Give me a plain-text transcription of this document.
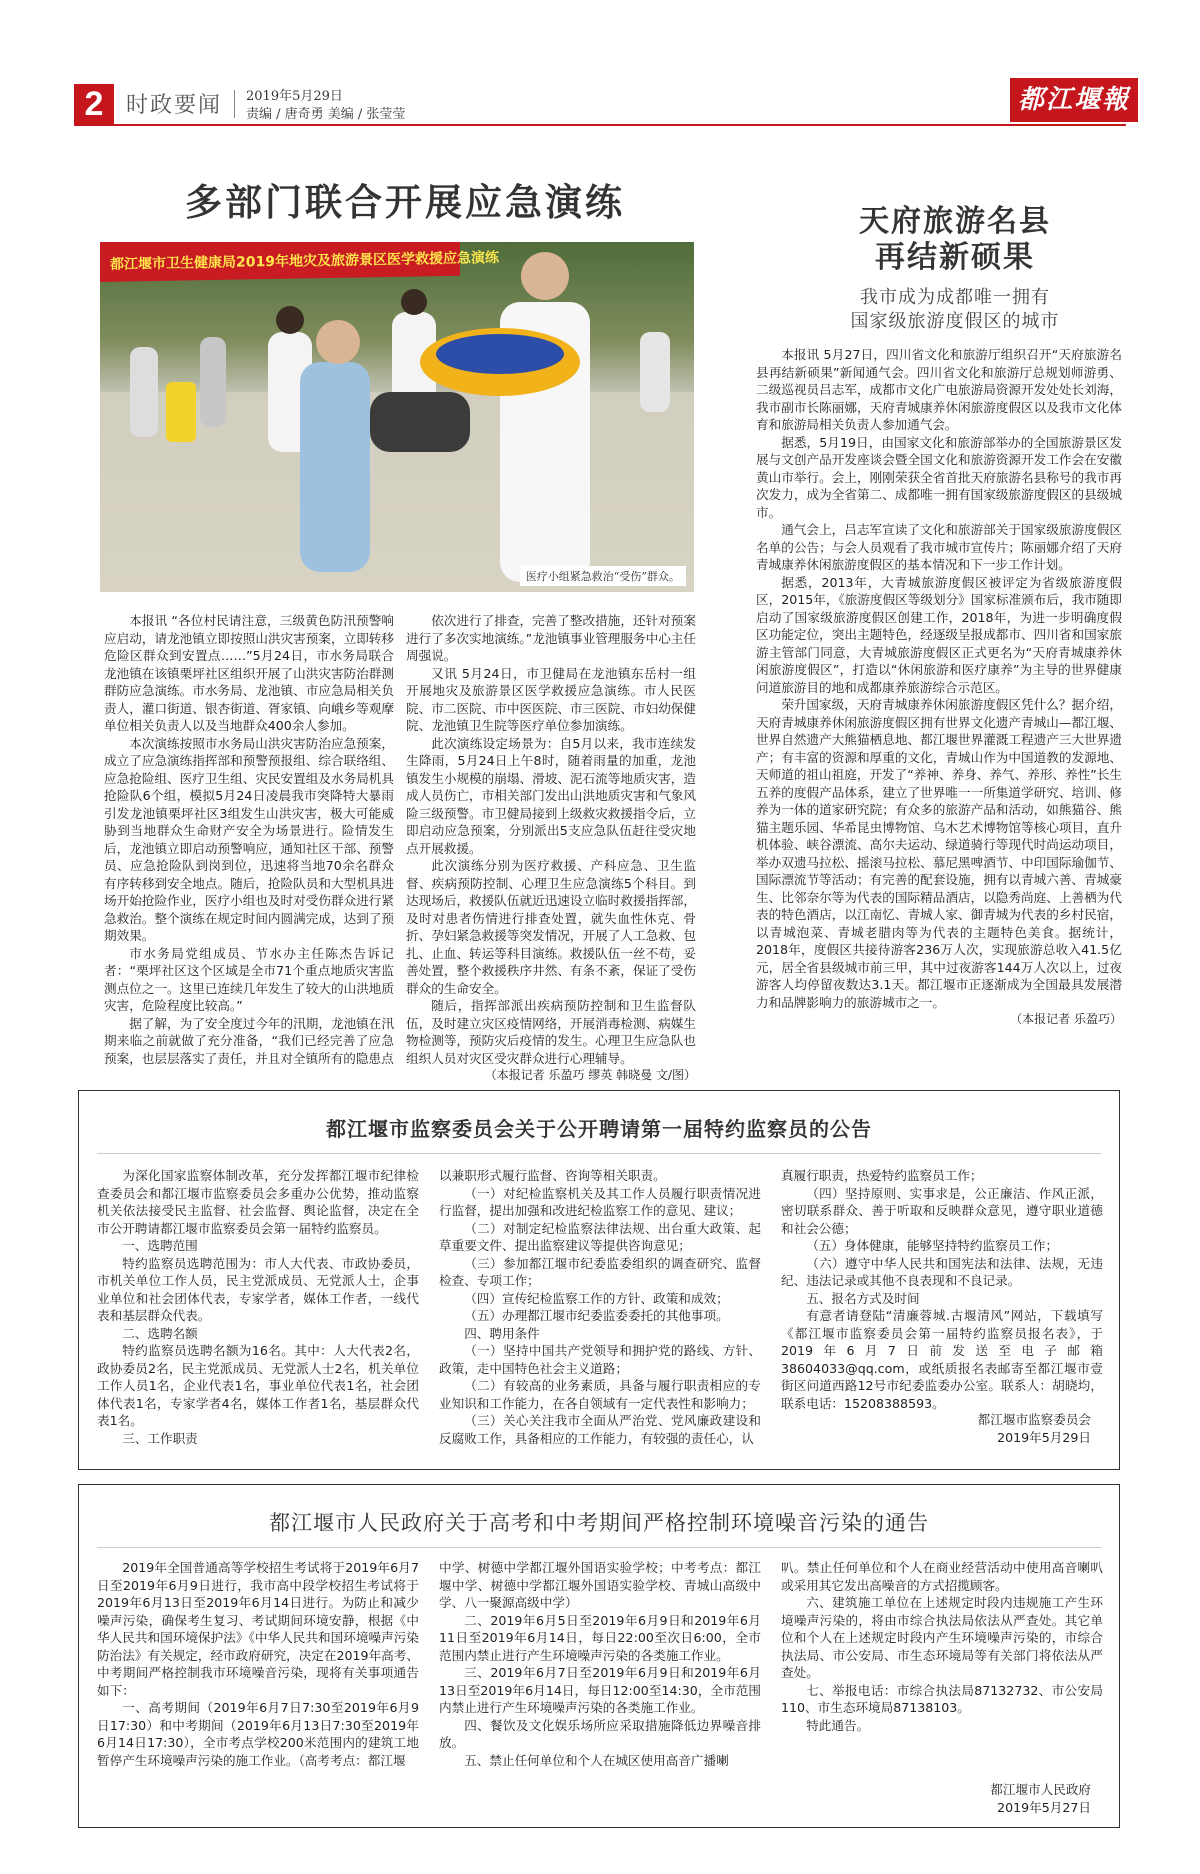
2	时政要闻 2019年5月29日
责编 / 唐奇勇 美编 / 张莹莹	都江堰報
多部门联合开展应急演练
都江堰市卫生健康局2019年地灾及旅游景区医学救援应急演练
医疗小组紧急救治“受伤”群众。

本报讯 “各位村民请注意，三级黄色防汛预警响应启动，请龙池镇立即按照山洪灾害预案，立即转移危险区群众到安置点……”5月24日，市水务局联合龙池镇在该镇栗坪社区组织开展了山洪灾害防治群测群防应急演练。市水务局、龙池镇、市应急局相关负责人，灌口街道、银杏街道、胥家镇、向峨乡等观摩单位相关负责人以及当地群众400余人参加。

本次演练按照市水务局山洪灾害防治应急预案，成立了应急演练指挥部和预警预报组、综合联络组、应急抢险组、医疗卫生组、灾民安置组及水务局机具抢险队6个组，模拟5月24日凌晨我市突降特大暴雨引发龙池镇栗坪社区3组发生山洪灾害，极大可能威胁到当地群众生命财产安全为场景进行。险情发生后，龙池镇立即启动预警响应，通知社区干部、预警员、应急抢险队到岗到位，迅速将当地70余名群众有序转移到安全地点。随后，抢险队员和大型机具进场开始抢险作业，医疗小组也及时对受伤群众进行紧急救治。整个演练在规定时间内圆满完成，达到了预期效果。

市水务局党组成员、节水办主任陈杰告诉记者：“栗坪社区这个区域是全市71个重点地质灾害监测点位之一。这里已连续几年发生了较大的山洪地质灾害，危险程度比较高。”

据了解，为了安全度过今年的汛期，龙池镇在汛期来临之前就做了充分准备，“我们已经完善了应急预案，也层层落实了责任，并且对全镇所有的隐患点

依次进行了排查，完善了整改措施，还针对预案进行了多次实地演练。”龙池镇事业管理服务中心主任周强说。

又讯 5月24日，市卫健局在龙池镇东岳村一组开展地灾及旅游景区医学救援应急演练。市人民医院、市二医院、市中医医院、市三医院、市妇幼保健院、龙池镇卫生院等医疗单位参加演练。

此次演练设定场景为：自5月以来，我市连续发生降雨，5月24日上午8时，随着雨量的加重，龙池镇发生小规模的崩塌、滑坡、泥石流等地质灾害，造成人员伤亡，市相关部门发出山洪地质灾害和气象风险三级预警。市卫健局接到上级救灾救援指令后，立即启动应急预案，分别派出5支应急队伍赶往受灾地点开展救援。

此次演练分别为医疗救援、产科应急、卫生监督、疾病预防控制、心理卫生应急演练5个科目。到达现场后，救援队伍就近迅速设立临时救援指挥部，及时对患者伤情进行排查处置，就失血性休克、骨折、孕妇紧急救援等突发情况，开展了人工急救、包扎、止血、转运等科目演练。救援队伍一丝不苟，妥善处置，整个救援秩序井然、有条不紊，保证了受伤群众的生命安全。

随后，指挥部派出疾病预防控制和卫生监督队伍，及时建立灾区疫情网络，开展消毒检测、病媒生物检测等，预防灾后疫情的发生。心理卫生应急队也组织人员对灾区受灾群众进行心理辅导。

（本报记者 乐盈巧 缪英 韩晓曼 文/图）

天府旅游名县
再结新硕果
我市成为成都唯一拥有
国家级旅游度假区的城市

本报讯 5月27日，四川省文化和旅游厅组织召开“天府旅游名县再结新硕果”新闻通气会。四川省文化和旅游厅总规划师游勇、二级巡视员吕志军，成都市文化广电旅游局资源开发处处长刘海，我市副市长陈丽娜，天府青城康养休闲旅游度假区以及我市文化体育和旅游局相关负责人参加通气会。

据悉，5月19日，由国家文化和旅游部举办的全国旅游景区发展与文创产品开发座谈会暨全国文化和旅游资源开发工作会在安徽黄山市举行。会上，刚刚荣获全省首批天府旅游名县称号的我市再次发力，成为全省第二、成都唯一拥有国家级旅游度假区的县级城市。

通气会上，吕志军宣读了文化和旅游部关于国家级旅游度假区名单的公告；与会人员观看了我市城市宣传片；陈丽娜介绍了天府青城康养休闲旅游度假区的基本情况和下一步工作计划。

据悉，2013年，大青城旅游度假区被评定为省级旅游度假区，2015年，《旅游度假区等级划分》国家标准颁布后，我市随即启动了国家级旅游度假区创建工作，2018年，为进一步明确度假区功能定位，突出主题特色，经逐级呈报成都市、四川省和国家旅游主管部门同意，大青城旅游度假区正式更名为“天府青城康养休闲旅游度假区”，打造以“休闲旅游和医疗康养”为主导的世界健康问道旅游目的地和成都康养旅游综合示范区。

荣升国家级，天府青城康养休闲旅游度假区凭什么？据介绍，天府青城康养休闲旅游度假区拥有世界文化遗产青城山—都江堰、世界自然遗产大熊猫栖息地、都江堰世界灌溉工程遗产三大世界遗产；有丰富的资源和厚重的文化，青城山作为中国道教的发源地、天师道的祖山祖庭，开发了“养神、养身、养气、养形、养性”长生五养的度假产品体系，建立了世界唯一一所集道学研究、培训、修养为一体的道家研究院；有众多的旅游产品和活动，如熊猫谷、熊猫主题乐园、华希昆虫博物馆、乌木艺术博物馆等核心项目，直升机体验、峡谷漂流、高尔夫运动、绿道骑行等现代时尚运动项目，举办双遗马拉松、摇滚马拉松、慕尼黑啤酒节、中印国际瑜伽节、国际漂流节等活动；有完善的配套设施，拥有以青城六善、青城豪生、比邻奈尔等为代表的国际精品酒店，以隐秀尚庭、上善栖为代表的特色酒店，以江南忆、青城人家、御青城为代表的乡村民宿，以青城泡菜、青城老腊肉等为代表的主题特色美食。据统计，2018年，度假区共接待游客236万人次，实现旅游总收入41.5亿元，居全省县级城市前三甲，其中过夜游客144万人次以上，过夜游客人均停留夜数达3.1天。都江堰市正逐渐成为全国最具发展潜力和品牌影响力的旅游城市之一。

（本报记者 乐盈巧）

都江堰市监察委员会关于公开聘请第一届特约监察员的公告

为深化国家监察体制改革，充分发挥都江堰市纪律检查委员会和都江堰市监察委员会多重办公优势，推动监察机关依法接受民主监督、社会监督、舆论监督，决定在全市公开聘请都江堰市监察委员会第一届特约监察员。

一、选聘范围

特约监察员选聘范围为：市人大代表、市政协委员，市机关单位工作人员，民主党派成员、无党派人士，企事业单位和社会团体代表，专家学者，媒体工作者，一线代表和基层群众代表。

二、选聘名额

特约监察员选聘名额为16名。其中：人大代表2名，政协委员2名，民主党派成员、无党派人士2名，机关单位工作人员1名，企业代表1名，事业单位代表1名，社会团体代表1名，专家学者4名，媒体工作者1名，基层群众代表1名。

三、工作职责

以兼职形式履行监督、咨询等相关职责。

（一）对纪检监察机关及其工作人员履行职责情况进行监督，提出加强和改进纪检监察工作的意见、建议；

（二）对制定纪检监察法律法规、出台重大政策、起草重要文件、提出监察建议等提供咨询意见；

（三）参加都江堰市纪委监委组织的调查研究、监督检查、专项工作；

（四）宣传纪检监察工作的方针、政策和成效；

（五）办理都江堰市纪委监委委托的其他事项。

四、聘用条件

（一）坚持中国共产党领导和拥护党的路线、方针、政策，走中国特色社会主义道路；

（二）有较高的业务素质，具备与履行职责相应的专业知识和工作能力，在各自领域有一定代表性和影响力；

（三）关心关注我市全面从严治党、党风廉政建设和反腐败工作，具备相应的工作能力，有较强的责任心，认

真履行职责，热爱特约监察员工作；

（四）坚持原则、实事求是，公正廉洁、作风正派，密切联系群众、善于听取和反映群众意见，遵守职业道德和社会公德；

（五）身体健康，能够坚持特约监察员工作；

（六）遵守中华人民共和国宪法和法律、法规，无违纪、违法记录或其他不良表现和不良记录。

五、报名方式及时间

有意者请登陆“清廉蓉城.古堰清风”网站，下载填写《都江堰市监察委员会第一届特约监察员报名表》，于2019年6月7日前发送至电子邮箱38604033@qq.com，或纸质报名表邮寄至都江堰市壹街区问道西路12号市纪委监委办公室。联系人：胡晓均，联系电话：15208388593。

都江堰市监察委员会
2019年5月29日
都江堰市人民政府关于高考和中考期间严格控制环境噪音污染的通告

2019年全国普通高等学校招生考试将于2019年6月7日至2019年6月9日进行，我市高中段学校招生考试将于2019年6月13日至2019年6月14日进行。为防止和减少噪声污染，确保考生复习、考试期间环境安静，根据《中华人民共和国环境保护法》《中华人民共和国环境噪声污染防治法》有关规定，经市政府研究，决定在2019年高考、中考期间严格控制我市环境噪音污染，现将有关事项通告如下：

一、高考期间（2019年6月7日7:30至2019年6月9日17:30）和中考期间（2019年6月13日7:30至2019年6月14日17:30），全市考点学校200米范围内的建筑工地暂停产生环境噪声污染的施工作业。（高考考点：都江堰

中学、树德中学都江堰外国语实验学校；中考考点：都江堰中学、树德中学都江堰外国语实验学校、青城山高级中学、八一聚源高级中学）

二、2019年6月5日至2019年6月9日和2019年6月11日至2019年6月14日，每日22:00至次日6:00，全市范围内禁止进行产生环境噪声污染的各类施工作业。

三、2019年6月7日至2019年6月9日和2019年6月13日至2019年6月14日，每日12:00至14:30，全市范围内禁止进行产生环境噪声污染的各类施工作业。

四、餐饮及文化娱乐场所应采取措施降低边界噪音排放。

五、禁止任何单位和个人在城区使用高音广播喇

叭。禁止任何单位和个人在商业经营活动中使用高音喇叭或采用其它发出高噪音的方式招揽顾客。

六、建筑施工单位在上述规定时段内违规施工产生环境噪声污染的，将由市综合执法局依法从严查处。其它单位和个人在上述规定时段内产生环境噪声污染的，市综合执法局、市公安局、市生态环境局等有关部门将依法从严查处。

七、举报电话：市综合执法局87132732、市公安局110、市生态环境局87138103。

特此通告。

都江堰市人民政府
2019年5月27日
